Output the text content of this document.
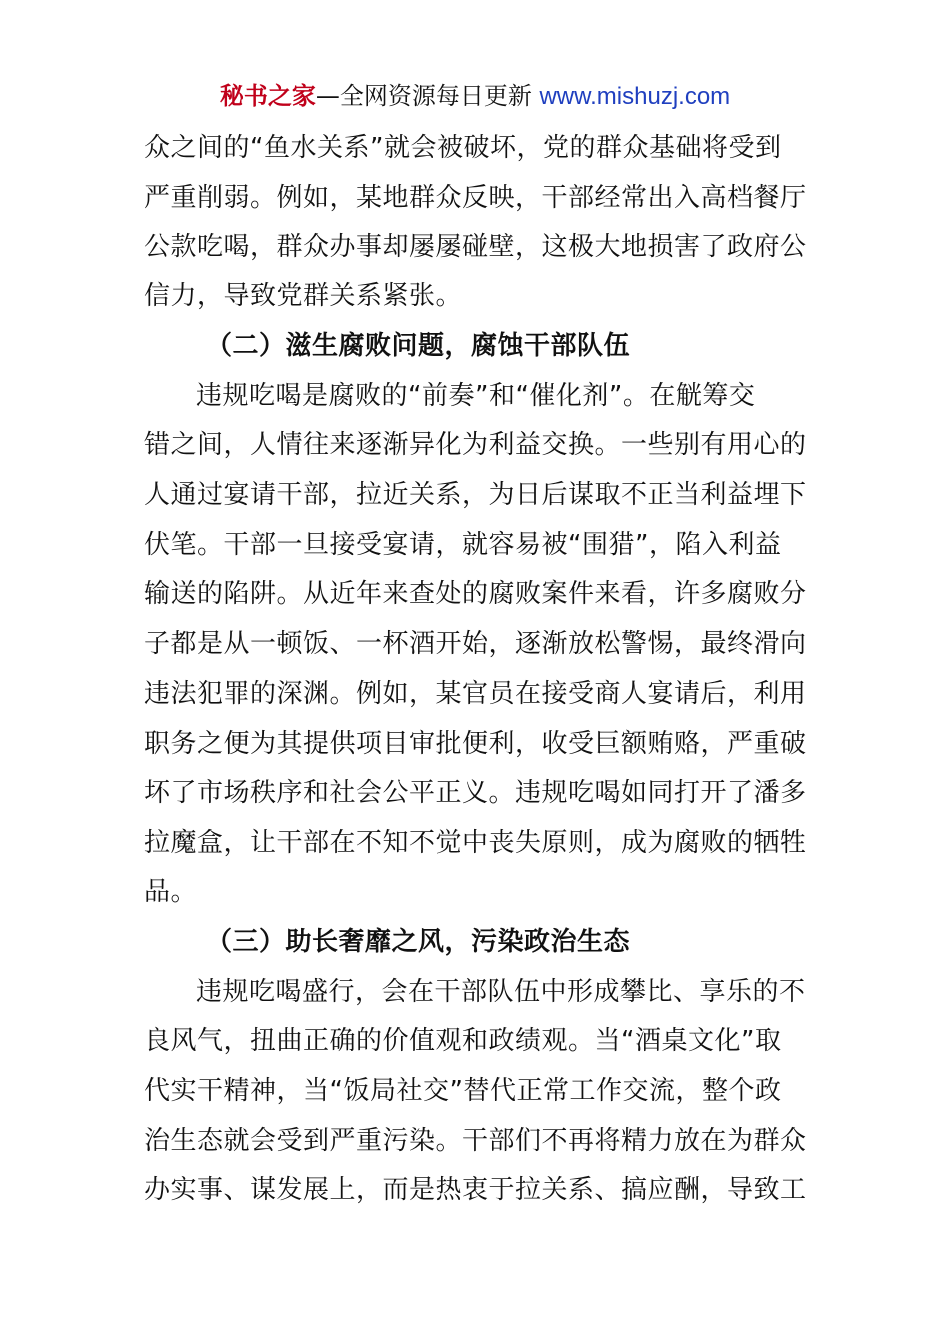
秘书之家—全网资源每日更新 www.mishuzj.com
众之间的“鱼水关系”就会被破坏，党的群众基础将受到
严重削弱。例如，某地群众反映，干部经常出入高档餐厅
公款吃喝，群众办事却屡屡碰壁，这极大地损害了政府公
信力，导致党群关系紧张。
（二）滋生腐败问题，腐蚀干部队伍
违规吃喝是腐败的“前奏”和“催化剂”。在觥筹交
错之间，人情往来逐渐异化为利益交换。一些别有用心的
人通过宴请干部，拉近关系，为日后谋取不正当利益埋下
伏笔。干部一旦接受宴请，就容易被“围猎”，陷入利益
输送的陷阱。从近年来查处的腐败案件来看，许多腐败分
子都是从一顿饭、一杯酒开始，逐渐放松警惕，最终滑向
违法犯罪的深渊。例如，某官员在接受商人宴请后，利用
职务之便为其提供项目审批便利，收受巨额贿赂，严重破
坏了市场秩序和社会公平正义。违规吃喝如同打开了潘多
拉魔盒，让干部在不知不觉中丧失原则，成为腐败的牺牲
品。
（三）助长奢靡之风，污染政治生态
违规吃喝盛行，会在干部队伍中形成攀比、享乐的不
良风气，扭曲正确的价值观和政绩观。当“酒桌文化”取
代实干精神，当“饭局社交”替代正常工作交流，整个政
治生态就会受到严重污染。干部们不再将精力放在为群众
办实事、谋发展上，而是热衷于拉关系、搞应酬，导致工
